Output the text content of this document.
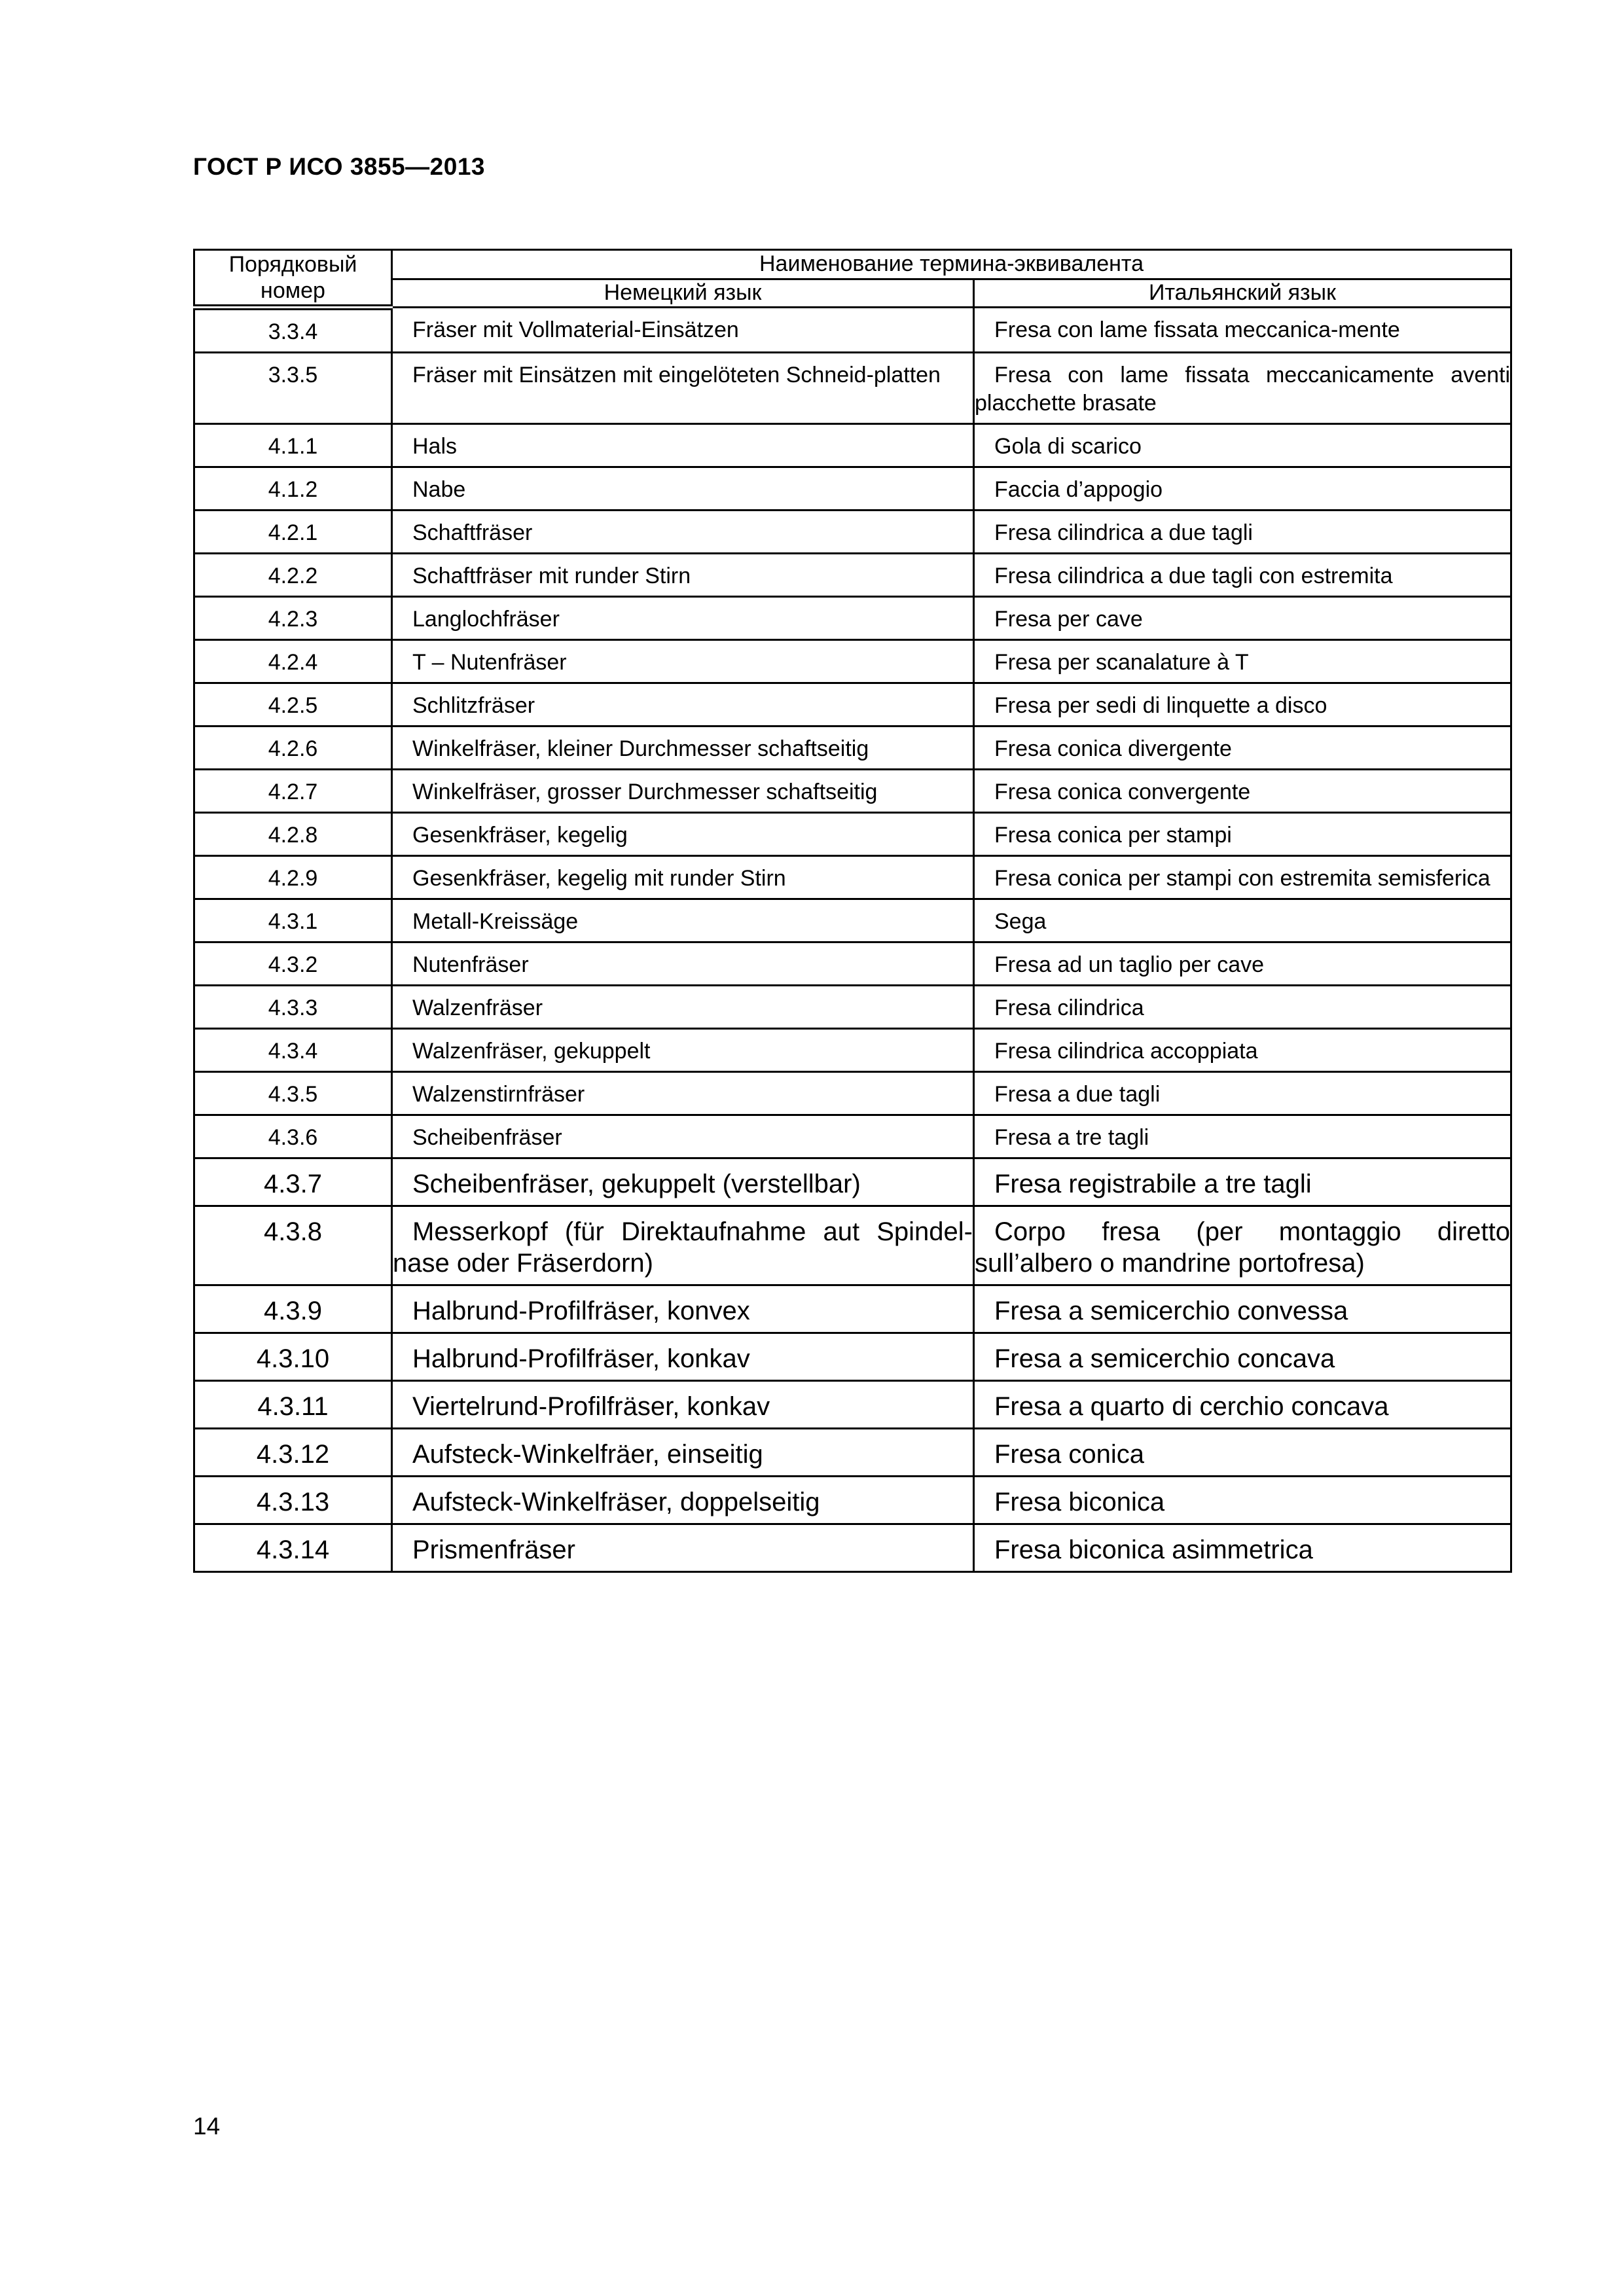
ГОСТ Р ИСО 3855—2013
Порядковый номер	Наименование термина-эквивалента	
	Немецкий язык	Итальянский язык
3.3.4	Fräser mit Vollmaterial-Einsätzen	Fresa con lame fissata meccanica-mente

3.3.5	Fräser mit Einsätzen mit eingelöteten Schneid-platten	Fresa con lame fissata meccanicamente aventi placchette brasate

4.1.1	Hals	Gola di scarico

4.1.2	Nabe	Faccia d’appogio

4.2.1	Schaftfräser	Fresa cilindrica a due tagli

4.2.2	Schaftfräser mit runder Stirn	Fresa cilindrica a due tagli con estremita

4.2.3	Langlochfräser	Fresa per cave

4.2.4	T – Nutenfräser	Fresa per scanalature à T

4.2.5	Schlitzfräser	Fresa per sedi di linquette a disco

4.2.6	Winkelfräser, kleiner Durchmesser schaftseitig	Fresa conica divergente

4.2.7	Winkelfräser, grosser Durchmesser schaftseitig	Fresa conica convergente

4.2.8	Gesenkfräser, kegelig	Fresa conica per stampi

4.2.9	Gesenkfräser, kegelig mit runder Stirn	Fresa conica per stampi con estremita semisferica

4.3.1	Metall-Kreissäge	Sega

4.3.2	Nutenfräser	Fresa ad un taglio per cave

4.3.3	Walzenfräser	Fresa cilindrica

4.3.4	Walzenfräser, gekuppelt	Fresa cilindrica accoppiata

4.3.5	Walzenstirnfräser	Fresa a due tagli

4.3.6	Scheibenfräser	Fresa a tre tagli

4.3.7	Scheibenfräser, gekuppelt (verstellbar)	Fresa registrabile a tre tagli

4.3.8	Messerkopf (für Direktaufnahme aut Spindel-nase oder Fräserdorn)	Corpo fresa (per montaggio diretto sull’albero o mandrine portofresa)

4.3.9	Halbrund-Profilfräser, konvex	Fresa a semicerchio convessa

4.3.10	Halbrund-Profilfräser, konkav	Fresa a semicerchio concava

4.3.11	Viertelrund-Profilfräser, konkav	Fresa a quarto di cerchio concava

4.3.12	Aufsteck-Winkelfräer, einseitig	Fresa conica

4.3.13	Aufsteck-Winkelfräser, doppelseitig	Fresa biconica

4.3.14	Prismenfräser	Fresa biconica asimmetrica
14
